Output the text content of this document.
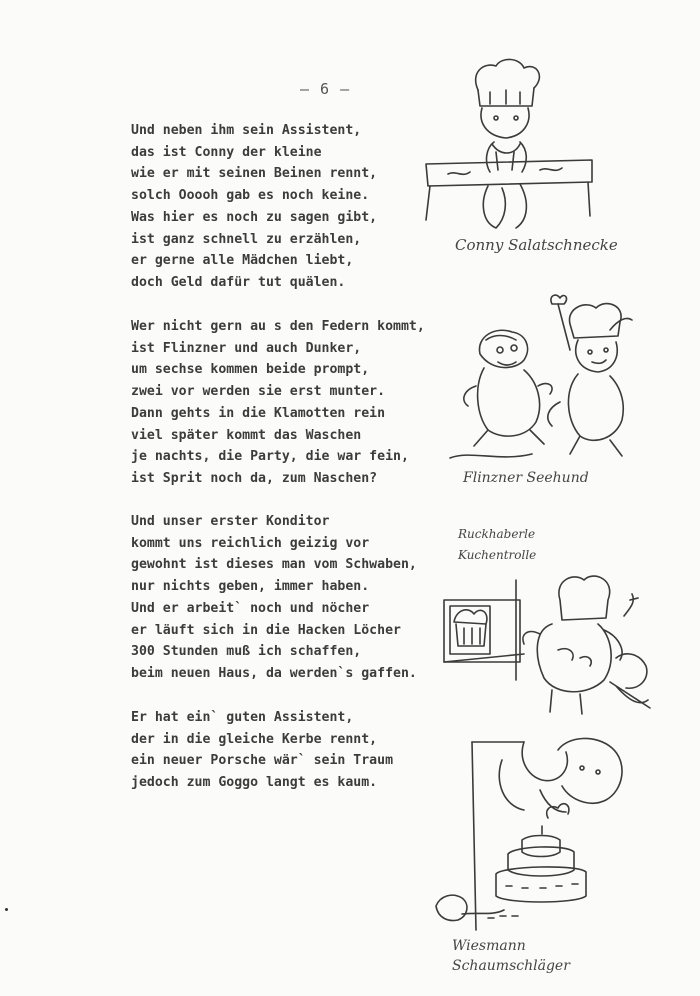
– 6 –
Und neben ihm sein Assistent,
das ist Conny der kleine
wie er mit seinen Beinen rennt,
solch Ooooh gab es noch keine.
Was hier es noch zu sagen gibt,
ist ganz schnell zu erzählen,
er gerne alle Mädchen liebt,
doch Geld dafür tut quälen.
Wer nicht gern au s den Federn kommt,
ist Flinzner und auch Dunker,
um sechse kommen beide prompt,
zwei vor werden sie erst munter.
Dann gehts in die Klamotten rein
viel später kommt das Waschen
je nachts, die Party, die war fein,
ist Sprit noch da, zum Naschen?
Und unser erster Konditor
kommt uns reichlich geizig vor
gewohnt ist dieses man vom Schwaben,
nur nichts geben, immer haben.
Und er arbeit` noch und nöcher
er läuft sich in die Hacken Löcher
300 Stunden muß ich schaffen,
beim neuen Haus, da werden`s gaffen.
Er hat ein` guten Assistent,
der in die gleiche Kerbe rennt,
ein neuer Porsche wär` sein Traum
jedoch zum Goggo langt es kaum.
Conny Salatschnecke
Flinzner Seehund
Ruckhaberle
Kuchentrolle
Wiesmann
Schaumschläger
